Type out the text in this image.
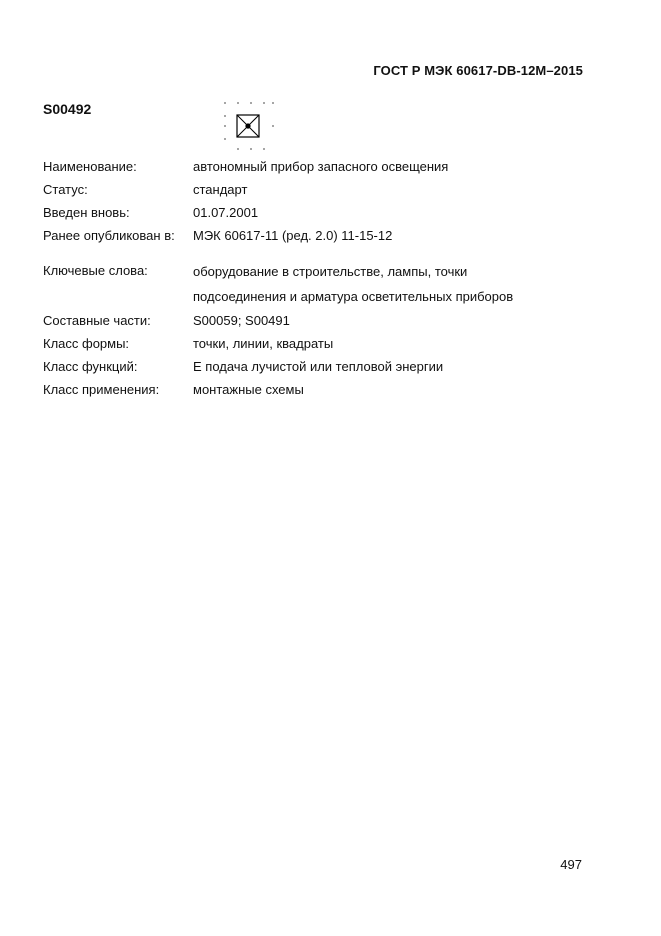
ГОСТ Р МЭК 60617-DB-12M–2015
S00492
Наименование:	автономный прибор запасного освещения
Статус:	стандарт
Введен вновь:	01.07.2001
Ранее опубликован в:	МЭК 60617-11 (ред. 2.0) 11-15-12
Ключевые слова:	оборудование в строительстве, лампы, точки
подсоединения и арматура осветительных приборов
Составные части:	S00059; S00491
Класс формы:	точки, линии, квадраты
Класс функций:	E подача лучистой или тепловой энергии
Класс применения:	монтажные схемы
497
